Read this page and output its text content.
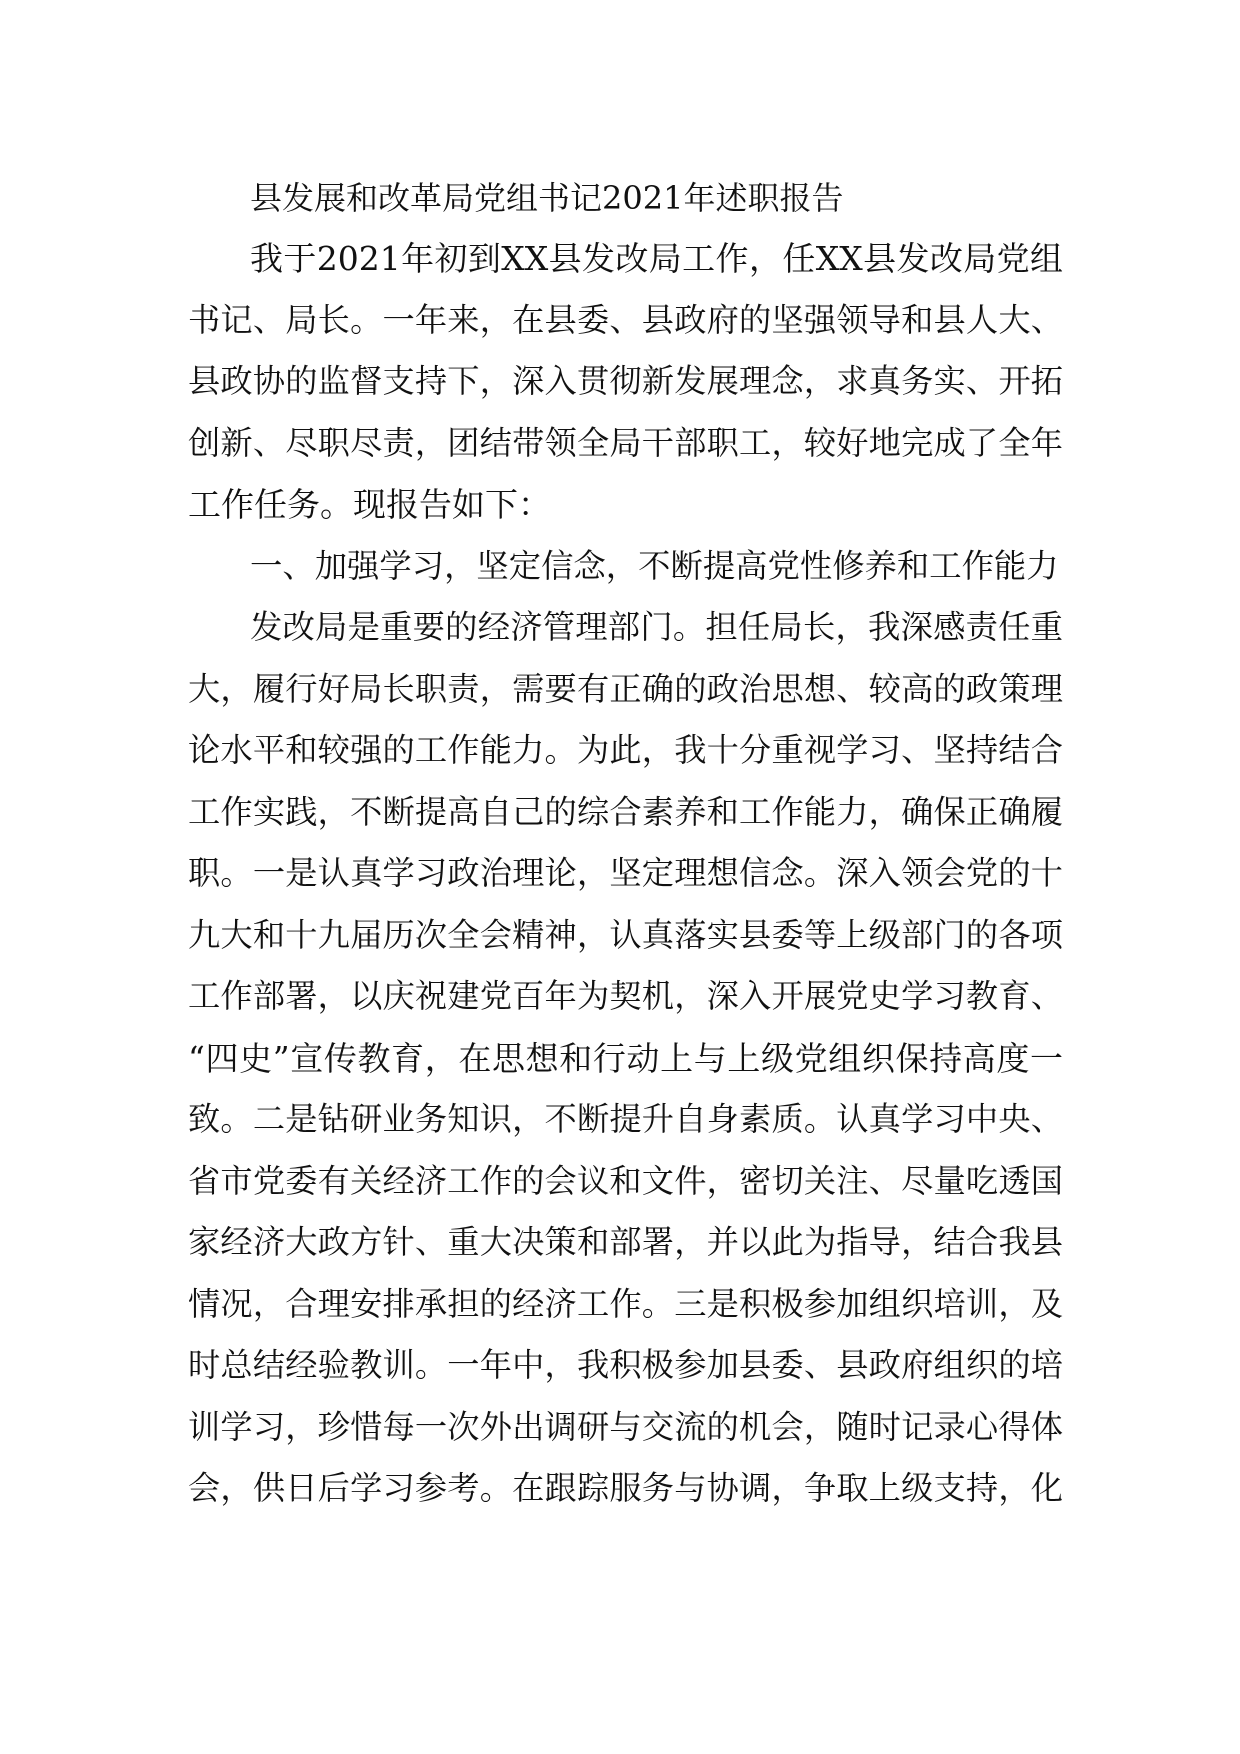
县发展和改革局党组书记2021年述职报告
我于2021年初到XX县发改局工作，任XX县发改局党组
书记、局长。一年来，在县委、县政府的坚强领导和县人大、
县政协的监督支持下，深入贯彻新发展理念，求真务实、开拓
创新、尽职尽责，团结带领全局干部职工，较好地完成了全年
工作任务。现报告如下：
一、加强学习，坚定信念，不断提高党性修养和工作能力
发改局是重要的经济管理部门。担任局长，我深感责任重
大，履行好局长职责，需要有正确的政治思想、较高的政策理
论水平和较强的工作能力。为此，我十分重视学习、坚持结合
工作实践，不断提高自己的综合素养和工作能力，确保正确履
职。一是认真学习政治理论，坚定理想信念。深入领会党的十
九大和十九届历次全会精神，认真落实县委等上级部门的各项
工作部署，以庆祝建党百年为契机，深入开展党史学习教育、
“四史”宣传教育，在思想和行动上与上级党组织保持高度一
致。二是钻研业务知识，不断提升自身素质。认真学习中央、
省市党委有关经济工作的会议和文件，密切关注、尽量吃透国
家经济大政方针、重大决策和部署，并以此为指导，结合我县
情况，合理安排承担的经济工作。三是积极参加组织培训，及
时总结经验教训。一年中，我积极参加县委、县政府组织的培
训学习，珍惜每一次外出调研与交流的机会，随时记录心得体
会，供日后学习参考。在跟踪服务与协调，争取上级支持，化
